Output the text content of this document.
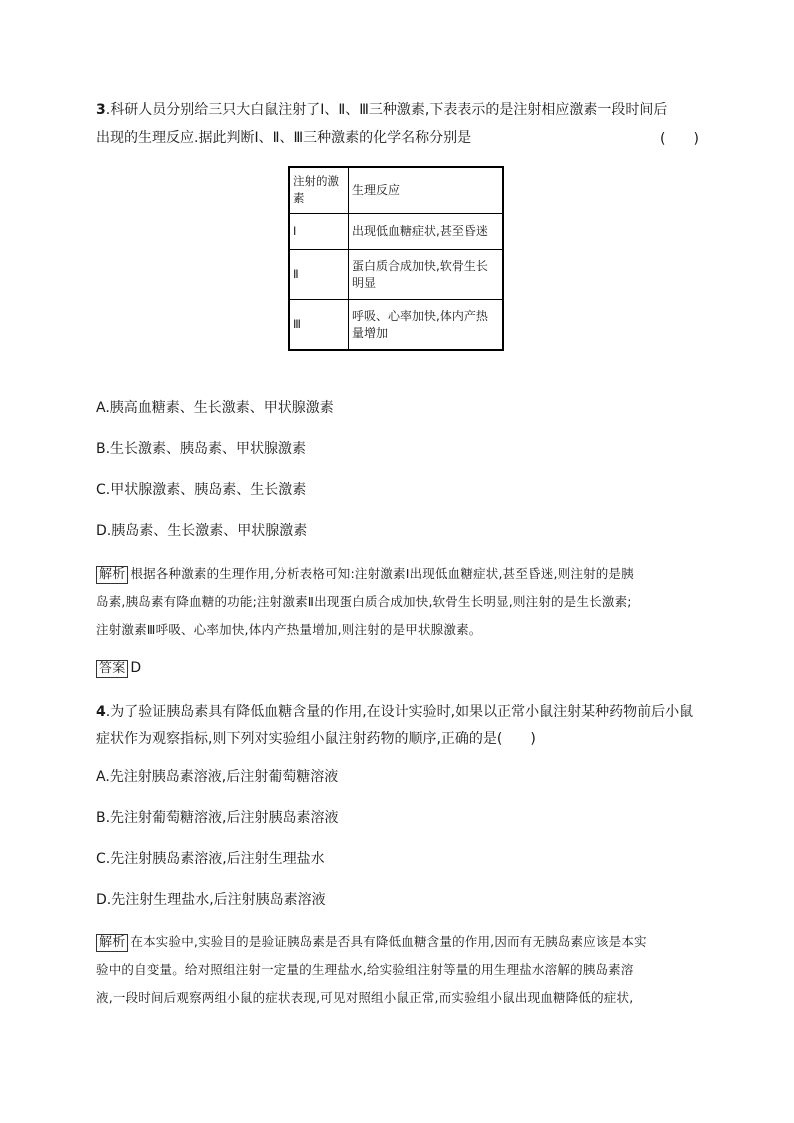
3.科研人员分别给三只大白鼠注射了Ⅰ、Ⅱ、Ⅲ三种激素,下表表示的是注射相应激素一段时间后
出现的生理反应.据此判断Ⅰ、Ⅱ、Ⅲ三种激素的化学名称分别是	(　　)
注射的激素	生理反应
Ⅰ	出现低血糖症状,甚至昏迷
Ⅱ	蛋白质合成加快,软骨生长明显
Ⅲ	呼吸、心率加快,体内产热量增加
A.胰高血糖素、生长激素、甲状腺激素
B.生长激素、胰岛素、甲状腺激素
C.甲状腺激素、胰岛素、生长激素
D.胰岛素、生长激素、甲状腺激素
解析 根据各种激素的生理作用,分析表格可知:注射激素Ⅰ出现低血糖症状,甚至昏迷,则注射的是胰
岛素,胰岛素有降血糖的功能;注射激素Ⅱ出现蛋白质合成加快,软骨生长明显,则注射的是生长激素;
注射激素Ⅲ呼吸、心率加快,体内产热量增加,则注射的是甲状腺激素。
答案 D
4.为了验证胰岛素具有降低血糖含量的作用,在设计实验时,如果以正常小鼠注射某种药物前后小鼠
症状作为观察指标,则下列对实验组小鼠注射药物的顺序,正确的是(　　)
A.先注射胰岛素溶液,后注射葡萄糖溶液
B.先注射葡萄糖溶液,后注射胰岛素溶液
C.先注射胰岛素溶液,后注射生理盐水
D.先注射生理盐水,后注射胰岛素溶液
解析 在本实验中,实验目的是验证胰岛素是否具有降低血糖含量的作用,因而有无胰岛素应该是本实
验中的自变量。给对照组注射一定量的生理盐水,给实验组注射等量的用生理盐水溶解的胰岛素溶
液,一段时间后观察两组小鼠的症状表现,可见对照组小鼠正常,而实验组小鼠出现血糖降低的症状,
